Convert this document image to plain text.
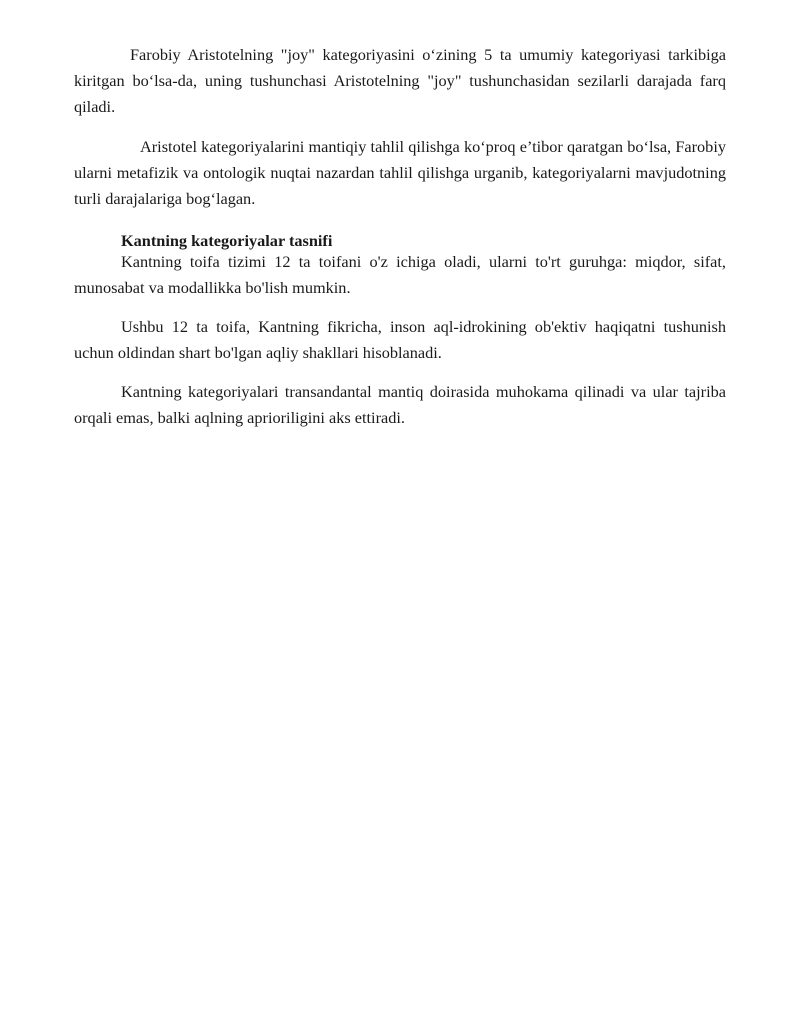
Farobiy Aristotelning "joy" kategoriyasini o‘zining 5 ta umumiy kategoriyasi tarkibiga kiritgan bo‘lsa-da, uning tushunchasi Aristotelning "joy" tushunchasidan sezilarli darajada farq qiladi.

Aristotel kategoriyalarini mantiqiy tahlil qilishga ko‘proq e’tibor qaratgan bo‘lsa, Farobiy ularni metafizik va ontologik nuqtai nazardan tahlil qilishga urganib, kategoriyalarni mavjudotning turli darajalariga bog‘lagan.

Kantning kategoriyalar tasnifi

Kantning toifa tizimi 12 ta toifani o'z ichiga oladi, ularni to'rt guruhga: miqdor, sifat, munosabat va modallikka bo'lish mumkin.

Ushbu 12 ta toifa, Kantning fikricha, inson aql-idrokining ob'ektiv haqiqatni tushunish uchun oldindan shart bo'lgan aqliy shakllari hisoblanadi.

Kantning kategoriyalari transandantal mantiq doirasida muhokama qilinadi va ular tajriba orqali emas, balki aqlning aprioriligini aks ettiradi.
